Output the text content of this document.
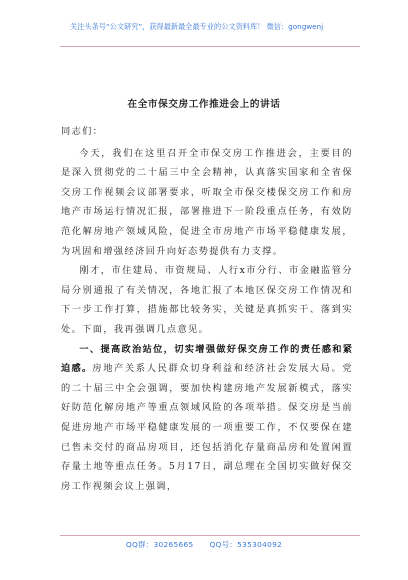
关注头条号“公文研究”，获得最新最全最专业的公文资料库！ 微信：gongwenj
在全市保交房工作推进会上的讲话

同志们：

今天，我们在这里召开全市保交房工作推进会，主要目的是深入贯彻党的二十届三中全会精神，认真落实国家和全省保交房工作视频会议部署要求，听取全市保交楼保交房工作和房地产市场运行情况汇报，部署推进下一阶段重点任务，有效防范化解房地产领域风险，促进全市房地产市场平稳健康发展，为巩固和增强经济回升向好态势提供有力支撑。

刚才，市住建局、市资规局、人行x市分行、市金融监管分局分别通报了有关情况，各地汇报了本地区保交房工作情况和下一步工作打算，措施都比较务实，关键是真抓实干、落到实处。下面，我再强调几点意见。

一、提高政治站位，切实增强做好保交房工作的责任感和紧迫感。房地产关系人民群众切身利益和经济社会发展大局。党的二十届三中全会强调，要加快构建房地产发展新模式，落实好防范化解房地产等重点领域风险的各项举措。保交房是当前促进房地产市场平稳健康发展的一项重要工作，不仅要保在建已售未交付的商品房项目，还包括消化存量商品房和处置闲置存量土地等重点任务。5月17日，副总理在全国切实做好保交房工作视频会议上强调，

QQ群：30265665 QQ号：535304092
